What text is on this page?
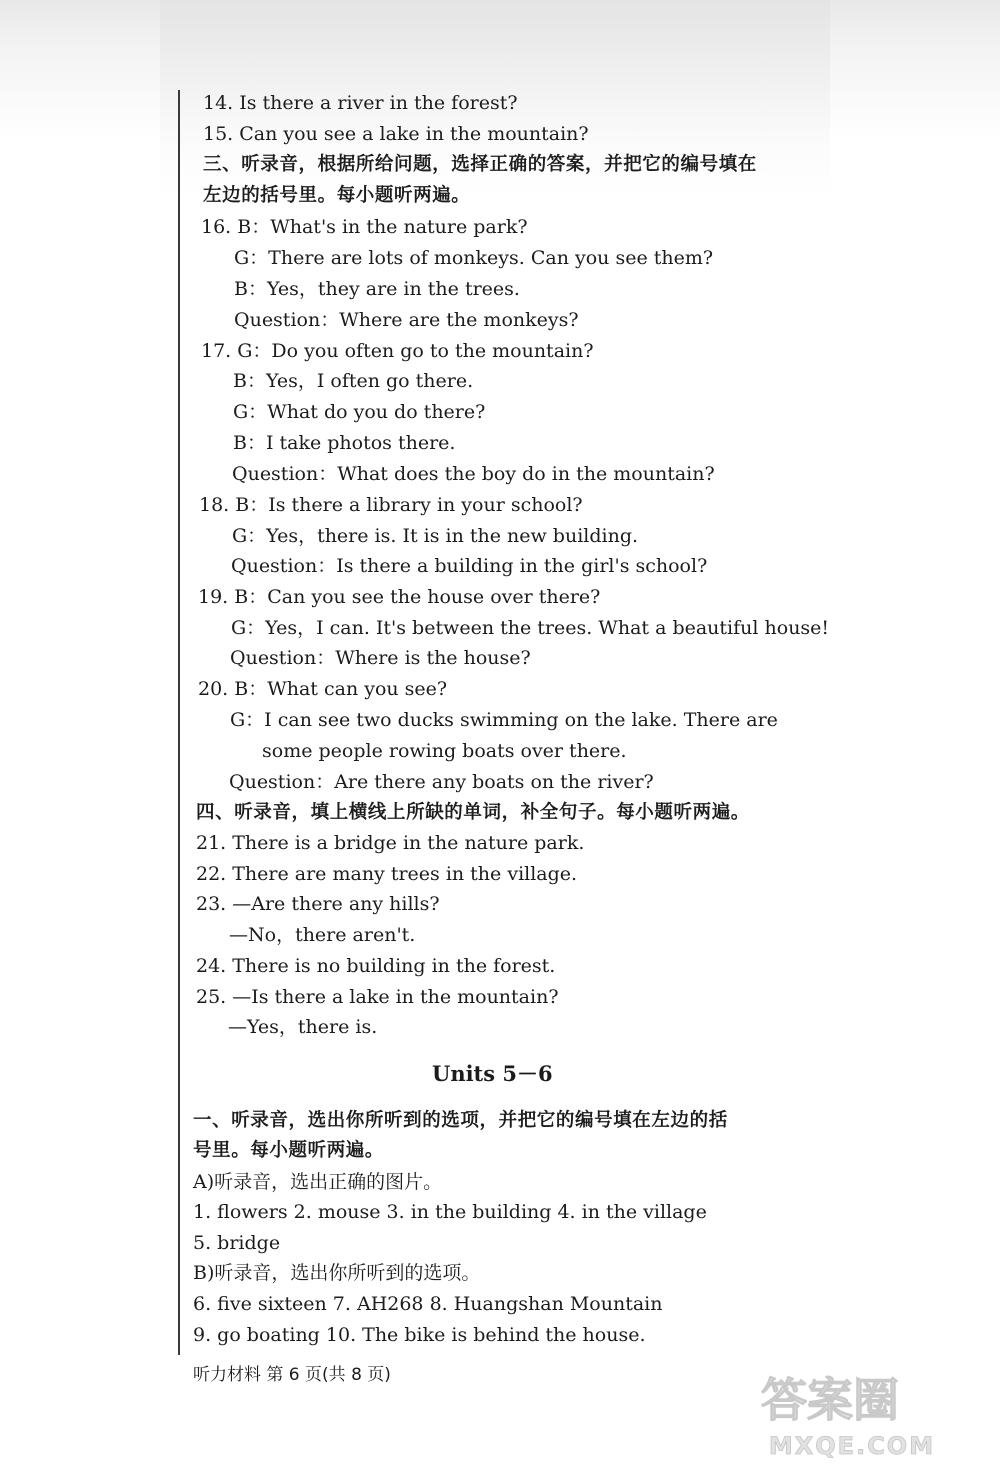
14. Is there a river in the forest?
15. Can you see a lake in the mountain?
三、听录音，根据所给问题，选择正确的答案，并把它的编号填在
左边的括号里。每小题听两遍。
16. B：What's in the nature park?
G：There are lots of monkeys. Can you see them?
B：Yes，they are in the trees.
Question：Where are the monkeys?
17. G：Do you often go to the mountain?
B：Yes，I often go there.
G：What do you do there?
B：I take photos there.
Question：What does the boy do in the mountain?
18. B：Is there a library in your school?
G：Yes，there is. It is in the new building.
Question：Is there a building in the girl's school?
19. B：Can you see the house over there?
G：Yes，I can. It's between the trees. What a beautiful house!
Question：Where is the house?
20. B：What can you see?
G：I can see two ducks swimming on the lake. There are
some people rowing boats over there.
Question：Are there any boats on the river?
四、听录音，填上横线上所缺的单词，补全句子。每小题听两遍。
21. There is a bridge in the nature park.
22. There are many trees in the village.
23. —Are there any hills?
—No，there aren't.
24. There is no building in the forest.
25. —Is there a lake in the mountain?
—Yes，there is.
Units 5－6
一、听录音，选出你所听到的选项，并把它的编号填在左边的括
号里。每小题听两遍。
A)听录音，选出正确的图片。
1. flowers 2. mouse 3. in the building 4. in the village
5. bridge
B)听录音，选出你所听到的选项。
6. five sixteen 7. AH268 8. Huangshan Mountain
9. go boating 10. The bike is behind the house.
听力材料 第 6 页(共 8 页)	答案圈
MXQE.COM
